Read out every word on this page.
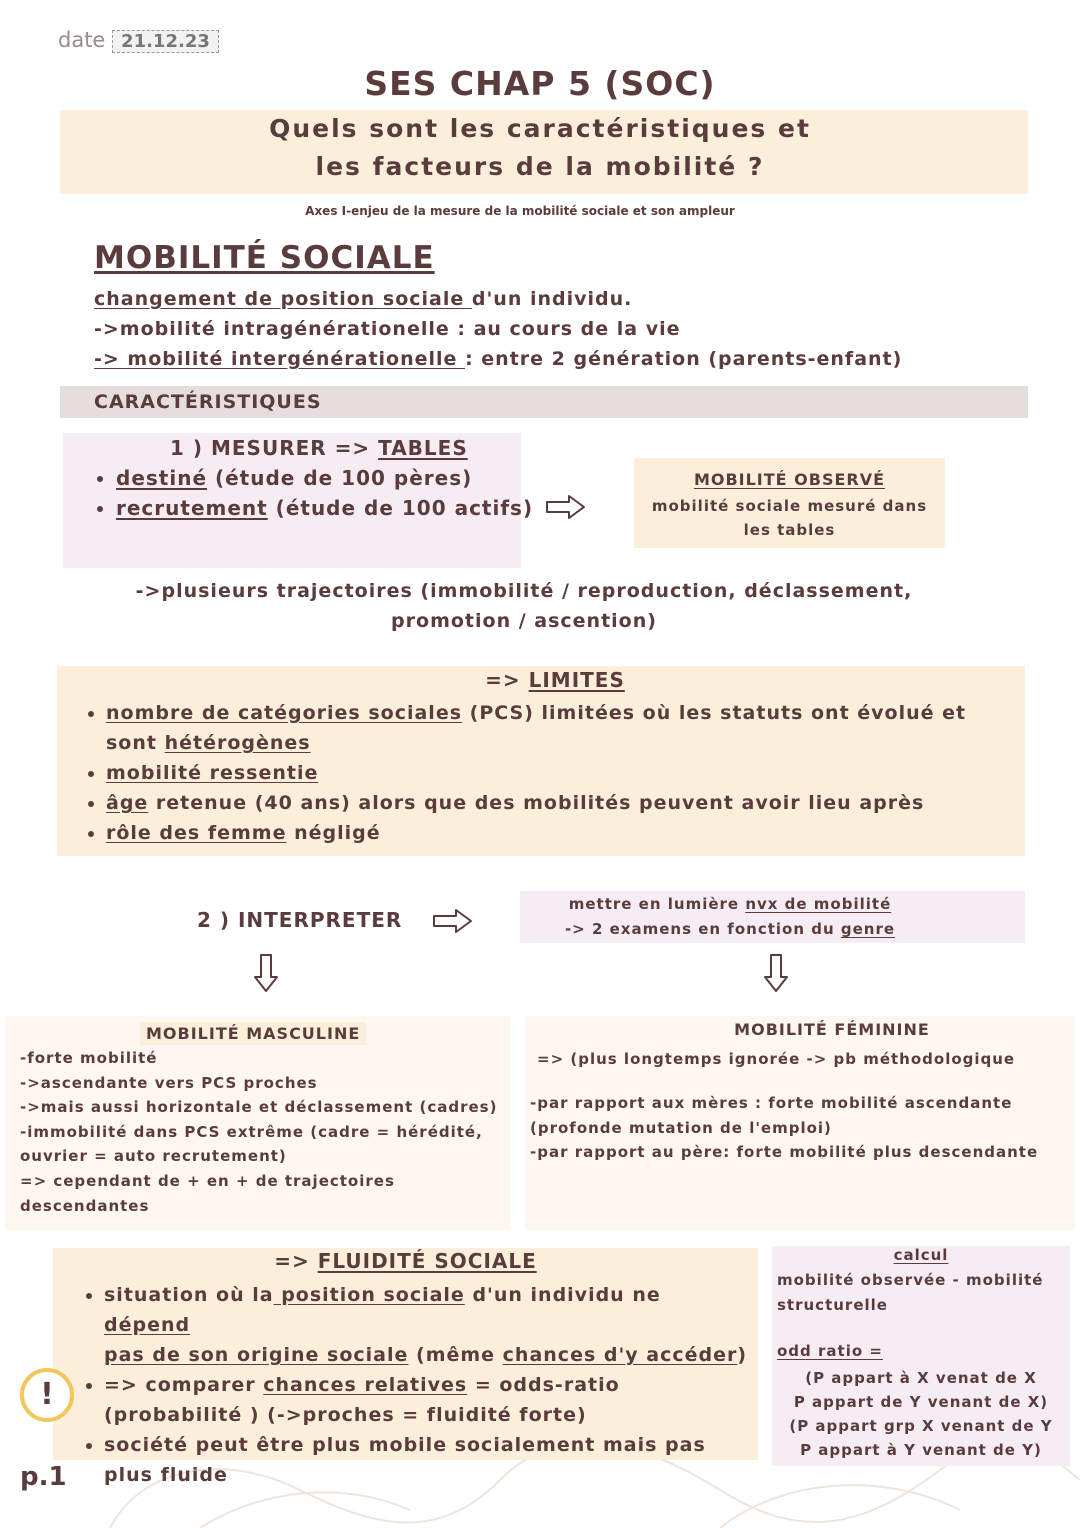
date 21.12.23
SES CHAP 5 (SOC)
Quels sont les caractéristiques et
les facteurs de la mobilité ?
Axes I-enjeu de la mesure de la mobilité sociale et son ampleur
MOBILITÉ SOCIALE
changement de position sociale d'un individu.
->mobilité intragénérationelle : au cours de la vie
-> mobilité intergénérationelle : entre 2 génération (parents-enfant)
CARACTÉRISTIQUES
1 ) MESURER => TABLES
• destiné (étude de 100 pères)
• recrutement (étude de 100 actifs)
MOBILITÉ OBSERVÉ
mobilité sociale mesuré dans les tables
->plusieurs trajectoires (immobilité / reproduction, déclassement,
promotion / ascention)
=> LIMITES
• nombre de catégories sociales (PCS) limitées où les statuts ont évolué et sont hétérogènes
• mobilité ressentie
• âge retenue (40 ans) alors que des mobilités peuvent avoir lieu après
• rôle des femme négligé
2 ) INTERPRETER
mettre en lumière nvx de mobilité
-> 2 examens en fonction du genre
MOBILITÉ MASCULINE
-forte mobilité
->ascendante vers PCS proches
->mais aussi horizontale et déclassement (cadres)
-immobilité dans PCS extrême (cadre = hérédité,
ouvrier = auto recrutement)
=> cependant de + en + de trajectoires
descendantes
MOBILITÉ FÉMININE
=> (plus longtemps ignorée -> pb méthodologique
-par rapport aux mères : forte mobilité ascendante
(profonde mutation de l'emploi)
-par rapport au père: forte mobilité plus descendante
=> FLUIDITÉ SOCIALE
• situation où la position sociale d'un individu ne dépend
pas de son origine sociale (même chances d'y accéder)
• => comparer chances relatives = odds-ratio
(probabilité ) (->proches = fluidité forte)
• société peut être plus mobile socialement mais pas plus fluide
!
calcul
mobilité observée - mobilité structurelle
odd ratio =
(P appart à X venat de X
P appart de Y venant de X)
(P appart grp X venant de Y
P appart à Y venant de Y)
p.1
